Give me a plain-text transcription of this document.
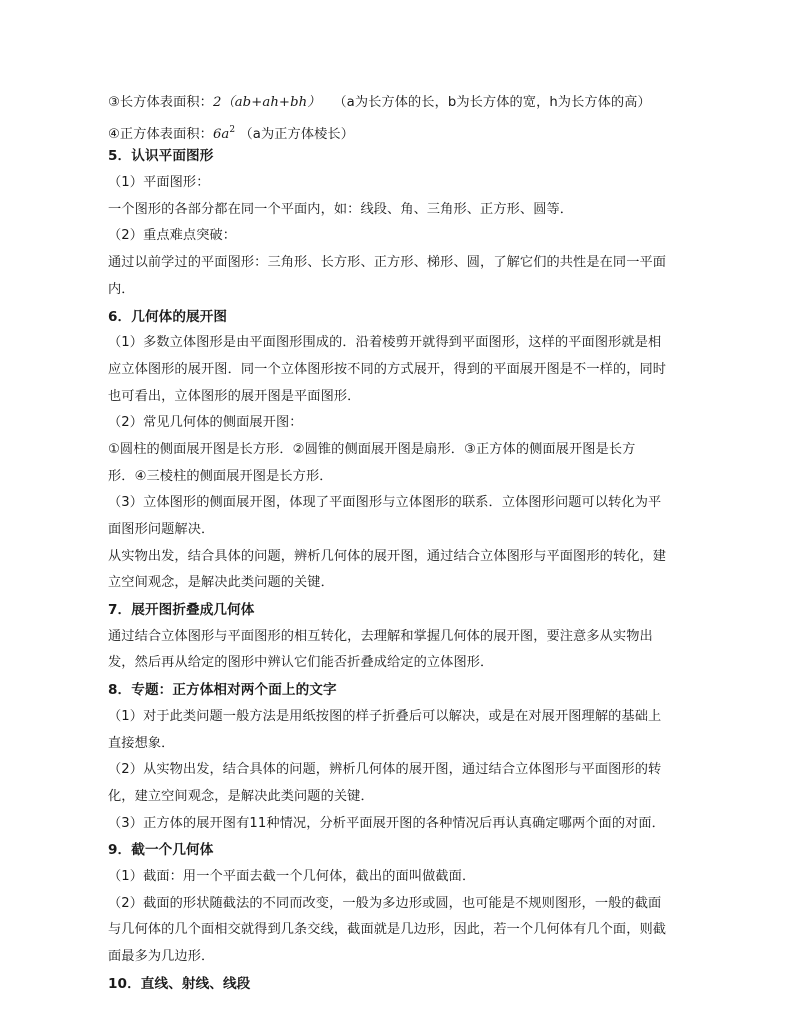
③长方体表面积：2（ab+ah+bh） （a为长方体的长，b为长方体的宽，h为长方体的高）
④正方体表面积：$6a^2$ （a为正方体棱长）
5．认识平面图形
（1）平面图形：
一个图形的各部分都在同一个平面内，如：线段、角、三角形、正方形、圆等．
（2）重点难点突破：
通过以前学过的平面图形：三角形、长方形、正方形、梯形、圆，了解它们的共性是在同一平面
内．
6．几何体的展开图
（1）多数立体图形是由平面图形围成的．沿着棱剪开就得到平面图形，这样的平面图形就是相
应立体图形的展开图．同一个立体图形按不同的方式展开，得到的平面展开图是不一样的，同时
也可看出，立体图形的展开图是平面图形．
（2）常见几何体的侧面展开图：
①圆柱的侧面展开图是长方形．②圆锥的侧面展开图是扇形．③正方体的侧面展开图是长方
形．④三棱柱的侧面展开图是长方形．
（3）立体图形的侧面展开图，体现了平面图形与立体图形的联系．立体图形问题可以转化为平
面图形问题解决．
从实物出发，结合具体的问题，辨析几何体的展开图，通过结合立体图形与平面图形的转化，建
立空间观念，是解决此类问题的关键．
7．展开图折叠成几何体
通过结合立体图形与平面图形的相互转化，去理解和掌握几何体的展开图，要注意多从实物出
发，然后再从给定的图形中辨认它们能否折叠成给定的立体图形．
8．专题：正方体相对两个面上的文字
（1）对于此类问题一般方法是用纸按图的样子折叠后可以解决，或是在对展开图理解的基础上
直接想象．
（2）从实物出发，结合具体的问题，辨析几何体的展开图，通过结合立体图形与平面图形的转
化，建立空间观念，是解决此类问题的关键．
（3）正方体的展开图有11种情况，分析平面展开图的各种情况后再认真确定哪两个面的对面．
9．截一个几何体
（1）截面：用一个平面去截一个几何体，截出的面叫做截面．
（2）截面的形状随截法的不同而改变，一般为多边形或圆，也可能是不规则图形，一般的截面
与几何体的几个面相交就得到几条交线，截面就是几边形，因此，若一个几何体有几个面，则截
面最多为几边形．
10．直线、射线、线段
